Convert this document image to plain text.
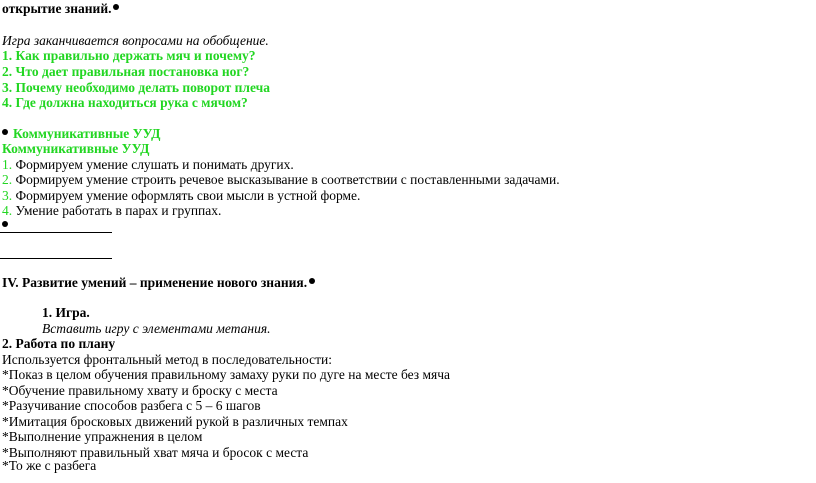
открытие знаний.
Игра заканчивается вопросами на обобщение.
1. Как правильно держать мяч и почему?
2. Что дает правильная постановка ног?
3. Почему необходимо делать поворот плеча
4. Где должна находиться рука с мячом?
Коммуникативные УУД
Коммуникативные УУД
1. Формируем умение слушать и понимать других.
2. Формируем умение строить речевое высказывание в соответствии с поставленными задачами.
3. Формируем умение оформлять свои мысли в устной форме.
4. Умение работать в парах и группах.
IV. Развитие умений – применение нового знания.
1. Игра.
Вставить игру с элементами метания.
2. Работа по плану
Используется фронтальный метод в последовательности:
*Показ в целом обучения правильному замаху руки по дуге на месте без мяча
*Обучение правильному хвату и броску с места
*Разучивание способов разбега с 5 – 6 шагов
*Имитация бросковых движений рукой в различных темпах
*Выполнение упражнения в целом
*Выполняют правильный хват мяча и бросок с места
*То же с разбега
